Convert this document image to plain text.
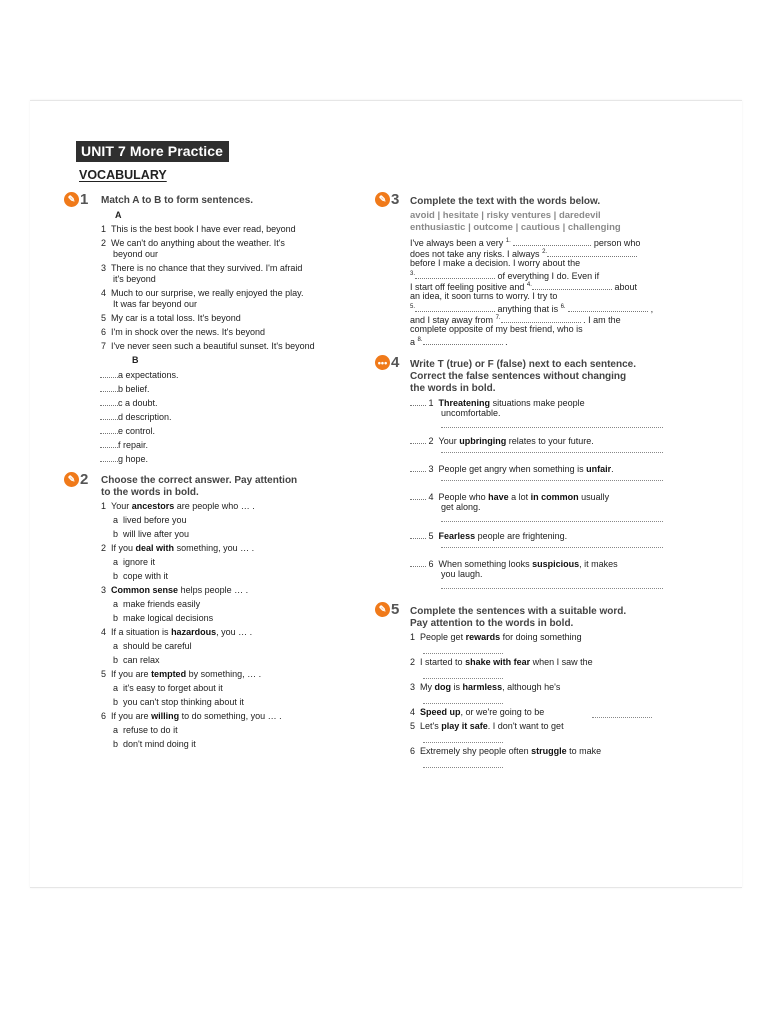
UNIT 7 More Practice
VOCABULARY
✎ 1 Match A to B to form sentences.
A
1 This is the best book I have ever read, beyond
2 We can't do anything about the weather. It's
beyond our
3 There is no chance that they survived. I'm afraid
it's beyond
4 Much to our surprise, we really enjoyed the play.
It was far beyond our
5 My car is a total loss. It's beyond
6 I'm in shock over the news. It's beyond
7 I've never seen such a beautiful sunset. It's beyond
B
a expectations.
b belief.
c a doubt.
d description.
e control.
f repair.
g hope.
✎ 2 Choose the correct answer. Pay attention
to the words in bold.
1 Your ancestors are people who … .
a lived before you
b will live after you
2 If you deal with something, you … .
a ignore it
b cope with it
3 Common sense helps people … .
a make friends easily
b make logical decisions
4 If a situation is hazardous, you … .
a should be careful
b can relax
5 If you are tempted by something, … .
a it's easy to forget about it
b you can't stop thinking about it
6 If you are willing to do something, you … .
a refuse to do it
b don't mind doing it
✎ 3 Complete the text with the words below.
avoid | hesitate | risky ventures | daredevil
enthusiastic | outcome | cautious | challenging
I've always been a very $^{1.}$	person who
does not take any risks. I always $^{2.}$
before I make a decision. I worry about the
$^{3.}$	of everything I do. Even if
I start off feeling positive and $^{4.}$	about
an idea, it soon turns to worry. I try to
$^{5.}$	anything that is $^{6.}$	,
and I stay away from $^{7.}$	. I am the
complete opposite of my best friend, who is
a $^{8.}$	.
••• 4 Write T (true) or F (false) next to each sentence.
Correct the false sentences without changing
the words in bold.
1 Threatening situations make people
uncomfortable.
2 Your upbringing relates to your future.
3 People get angry when something is unfair.
4 People who have a lot in common usually
get along.
5 Fearless people are frightening.
6 When something looks suspicious, it makes
you laugh.
✎ 5 Complete the sentences with a suitable word.
Pay attention to the words in bold.
1 People get rewards for doing something
2 I started to shake with fear when I saw the
3 My dog is harmless, although he's
4 Speed up, or we're going to be
5 Let's play it safe. I don't want to get
6 Extremely shy people often struggle to make
